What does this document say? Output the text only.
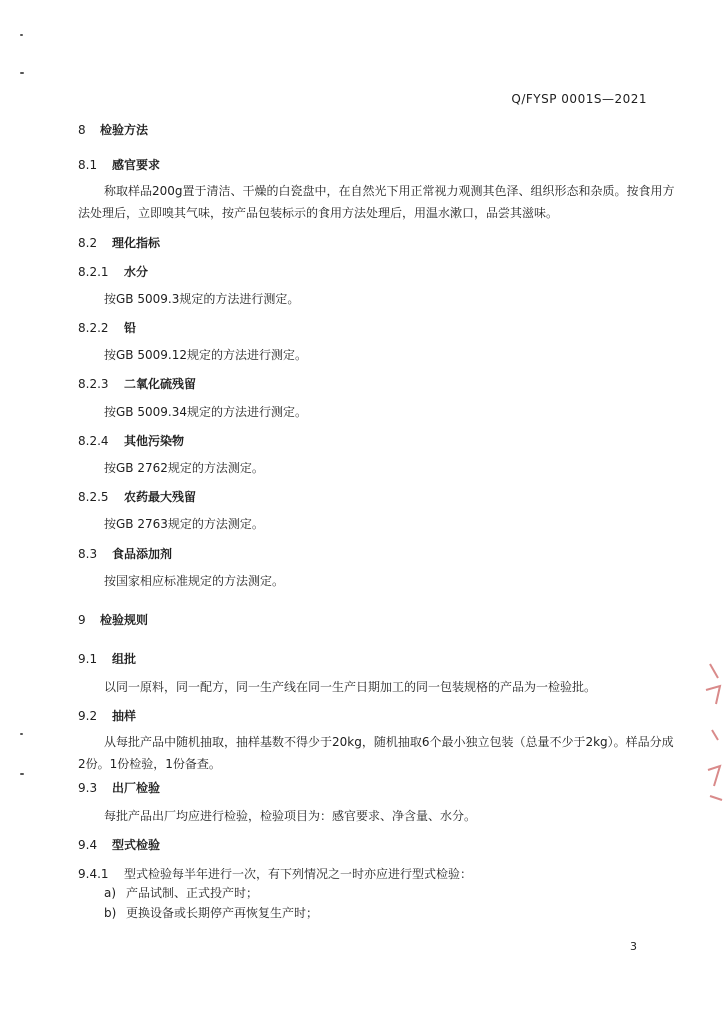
Q/FYSP 0001S—2021
8 检验方法
8.1 感官要求
称取样品200g置于清洁、干燥的白瓷盘中，在自然光下用正常视力观测其色泽、组织形态和杂质。按食用方法处理后，立即嗅其气味，按产品包装标示的食用方法处理后，用温水漱口，品尝其滋味。
8.2 理化指标
8.2.1 水分
按GB 5009.3规定的方法进行测定。
8.2.2 铅
按GB 5009.12规定的方法进行测定。
8.2.3 二氧化硫残留
按GB 5009.34规定的方法进行测定。
8.2.4 其他污染物
按GB 2762规定的方法测定。
8.2.5 农药最大残留
按GB 2763规定的方法测定。
8.3 食品添加剂
按国家相应标准规定的方法测定。
9 检验规则
9.1 组批
以同一原料，同一配方，同一生产线在同一生产日期加工的同一包装规格的产品为一检验批。
9.2 抽样
从每批产品中随机抽取，抽样基数不得少于20kg，随机抽取6个最小独立包装（总量不少于2kg）。样品分成2份。1份检验，1份备查。
9.3 出厂检验
每批产品出厂均应进行检验，检验项目为：感官要求、净含量、水分。
9.4 型式检验
9.4.1 型式检验每半年进行一次，有下列情况之一时亦应进行型式检验：
a) 产品试制、正式投产时；
b) 更换设备或长期停产再恢复生产时；
3
